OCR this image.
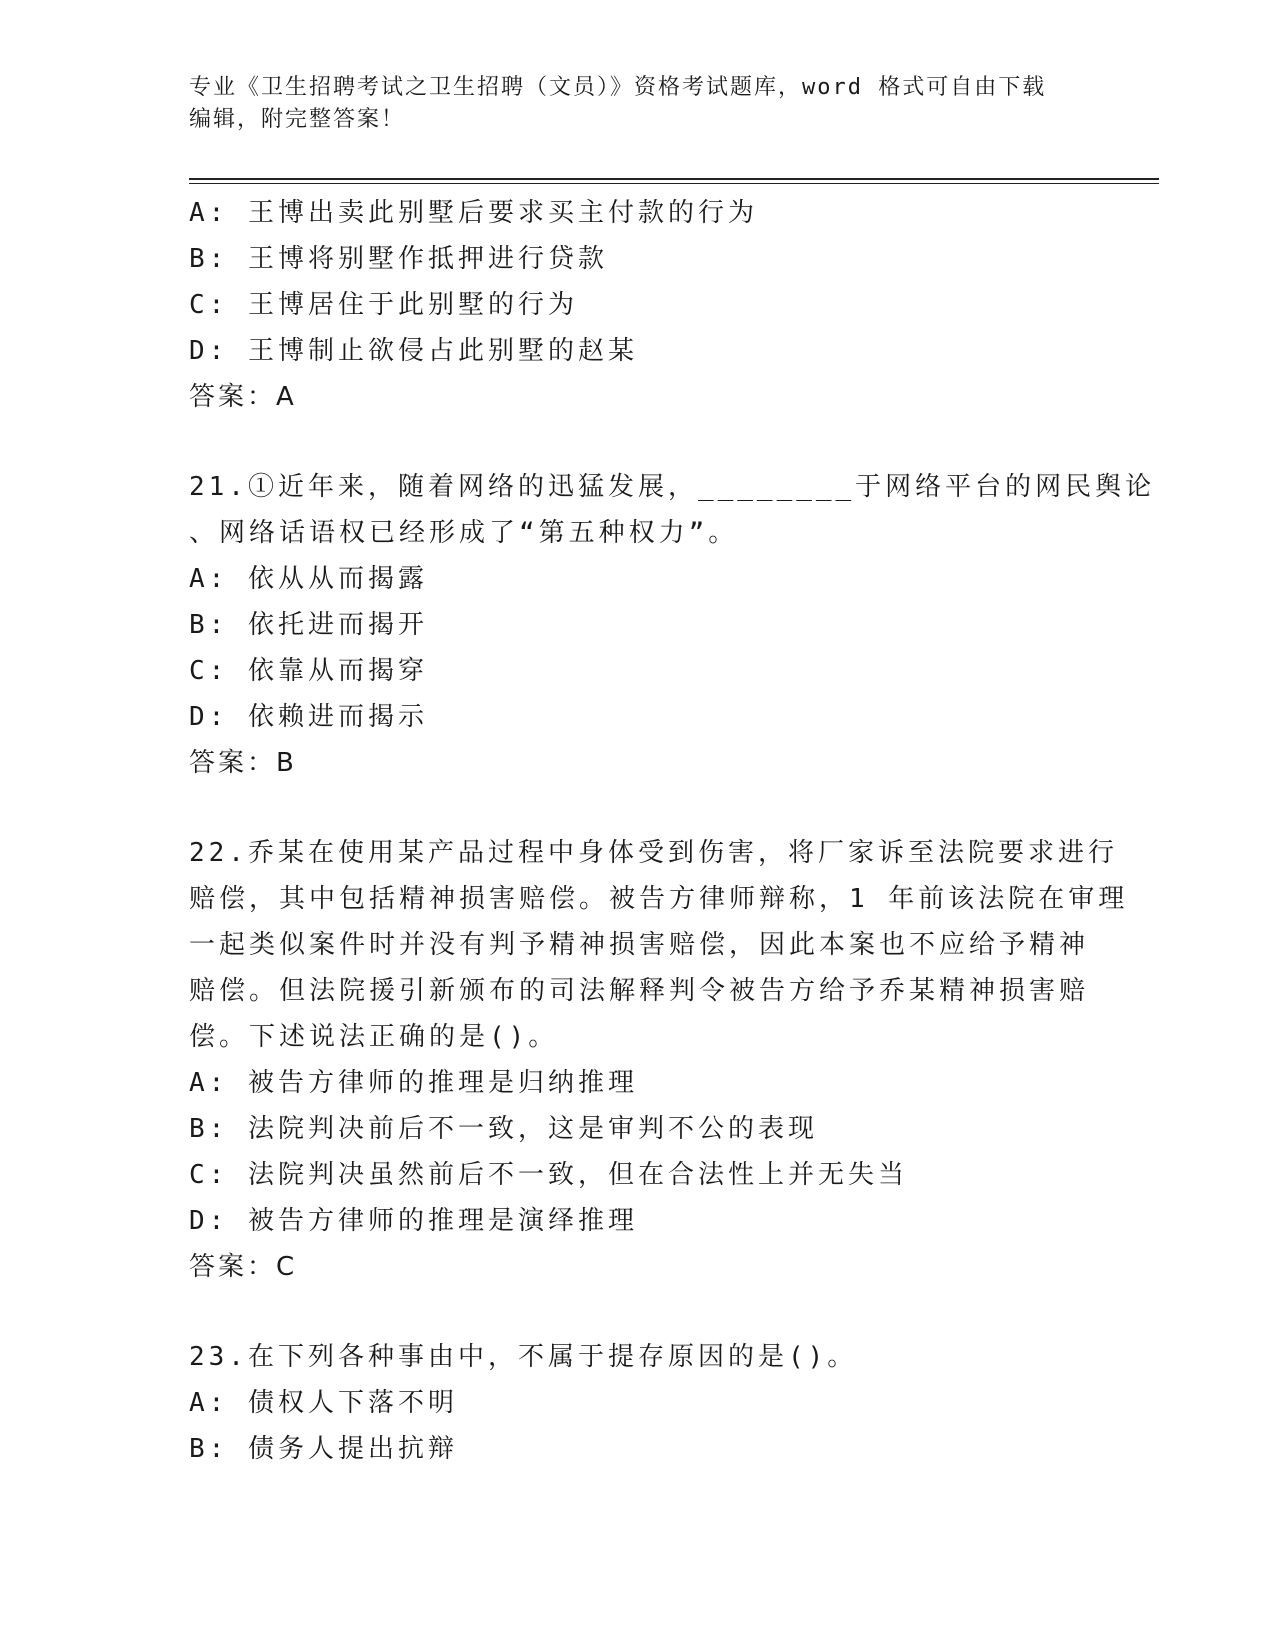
专业《卫生招聘考试之卫生招聘（文员）》资格考试题库，word 格式可自由下载
编辑，附完整答案！
A: 王博出卖此别墅后要求买主付款的行为
B: 王博将别墅作抵押进行贷款
C: 王博居住于此别墅的行为
D: 王博制止欲侵占此别墅的赵某
答案：A
21.①近年来，随着网络的迅猛发展，________于网络平台的网民舆论
、网络话语权已经形成了“第五种权力”。
A: 依从从而揭露
B: 依托进而揭开
C: 依靠从而揭穿
D: 依赖进而揭示
答案：B
22.乔某在使用某产品过程中身体受到伤害，将厂家诉至法院要求进行
赔偿，其中包括精神损害赔偿。被告方律师辩称，1 年前该法院在审理
一起类似案件时并没有判予精神损害赔偿，因此本案也不应给予精神
赔偿。但法院援引新颁布的司法解释判令被告方给予乔某精神损害赔
偿。下述说法正确的是()。
A: 被告方律师的推理是归纳推理
B: 法院判决前后不一致，这是审判不公的表现
C: 法院判决虽然前后不一致，但在合法性上并无失当
D: 被告方律师的推理是演绎推理
答案：C
23.在下列各种事由中，不属于提存原因的是()。
A: 债权人下落不明
B: 债务人提出抗辩
